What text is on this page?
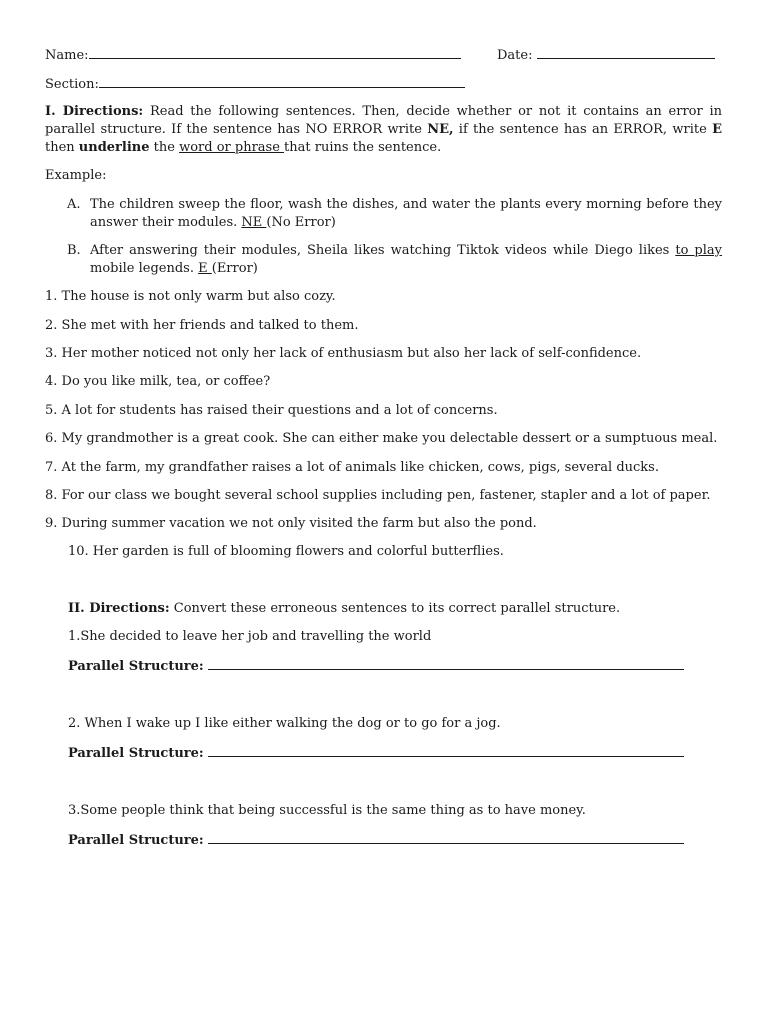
Name:	Date:
Section:

I. Directions: Read the following sentences. Then, decide whether or not it contains an error in parallel structure. If the sentence has NO ERROR write NE, if the sentence has an ERROR, write E then underline the word or phrase that ruins the sentence.

Example:

A. The children sweep the floor, wash the dishes, and water the plants every morning before they answer their modules. NE (No Error)
B. After answering their modules, Sheila likes watching Tiktok videos while Diego likes to play mobile legends. E (Error)

1. The house is not only warm but also cozy.

2. She met with her friends and talked to them.

3. Her mother noticed not only her lack of enthusiasm but also her lack of self-confidence.

4. Do you like milk, tea, or coffee?

5. A lot for students has raised their questions and a lot of concerns.

6. My grandmother is a great cook. She can either make you delectable dessert or a sumptuous meal.

7. At the farm, my grandfather raises a lot of animals like chicken, cows, pigs, several ducks.

8. For our class we bought several school supplies including pen, fastener, stapler and a lot of paper.

9. During summer vacation we not only visited the farm but also the pond.

10. Her garden is full of blooming flowers and colorful butterflies.

II. Directions: Convert these erroneous sentences to its correct parallel structure.

1.She decided to leave her job and travelling the world

Parallel Structure:

2. When I wake up I like either walking the dog or to go for a jog.

Parallel Structure:

3.Some people think that being successful is the same thing as to have money.

Parallel Structure:
